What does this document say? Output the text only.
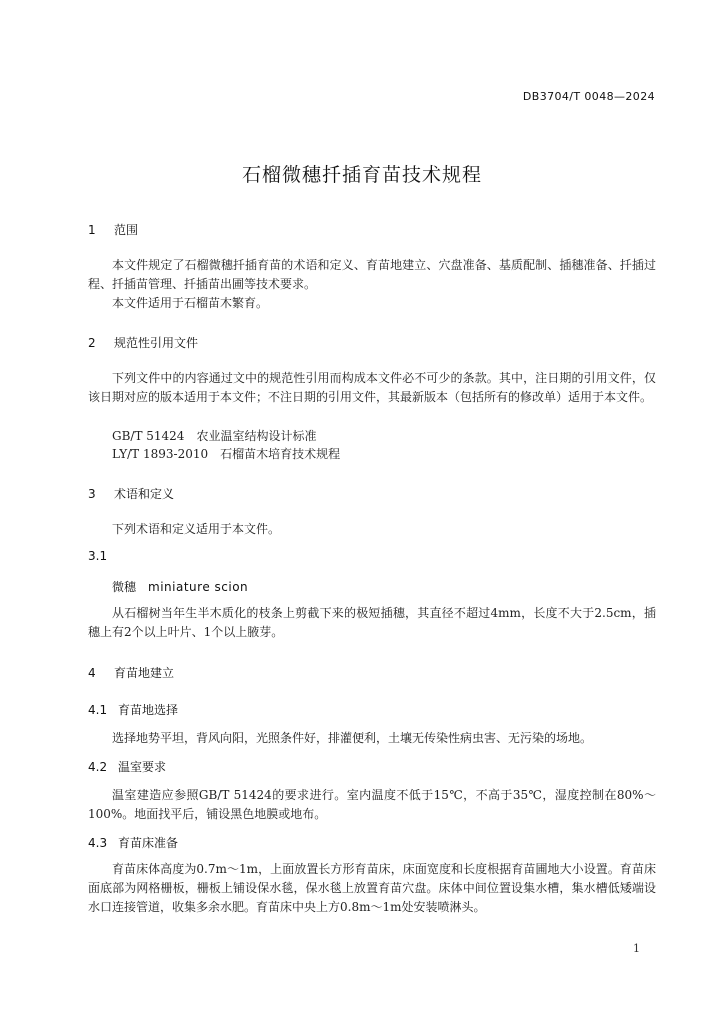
DB3704/T 0048—2024
石榴微穗扦插育苗技术规程
1 范围
本文件规定了石榴微穗扦插育苗的术语和定义、育苗地建立、穴盘准备、基质配制、插穗准备、扦插过程、扦插苗管理、扦插苗出圃等技术要求。
本文件适用于石榴苗木繁育。
2 规范性引用文件
下列文件中的内容通过文中的规范性引用而构成本文件必不可少的条款。其中，注日期的引用文件，仅该日期对应的版本适用于本文件；不注日期的引用文件，其最新版本（包括所有的修改单）适用于本文件。
GB/T 51424　农业温室结构设计标准
LY/T 1893-2010　石榴苗木培育技术规程
3 术语和定义
下列术语和定义适用于本文件。
3.1
微穗 miniature scion
从石榴树当年生半木质化的枝条上剪截下来的极短插穗，其直径不超过4mm，长度不大于2.5cm，插穗上有2个以上叶片、1个以上腋芽。
4 育苗地建立
4.1 育苗地选择
选择地势平坦，背风向阳，光照条件好，排灌便利，土壤无传染性病虫害、无污染的场地。
4.2 温室要求
温室建造应参照GB/T 51424的要求进行。室内温度不低于15℃，不高于35℃，湿度控制在80%～100%。地面找平后，铺设黑色地膜或地布。
4.3 育苗床准备
育苗床体高度为0.7m～1m，上面放置长方形育苗床，床面宽度和长度根据育苗圃地大小设置。育苗床面底部为网格栅板，栅板上铺设保水毯，保水毯上放置育苗穴盘。床体中间位置设集水槽，集水槽低矮端设水口连接管道，收集多余水肥。育苗床中央上方0.8m～1m处安装喷淋头。
1
